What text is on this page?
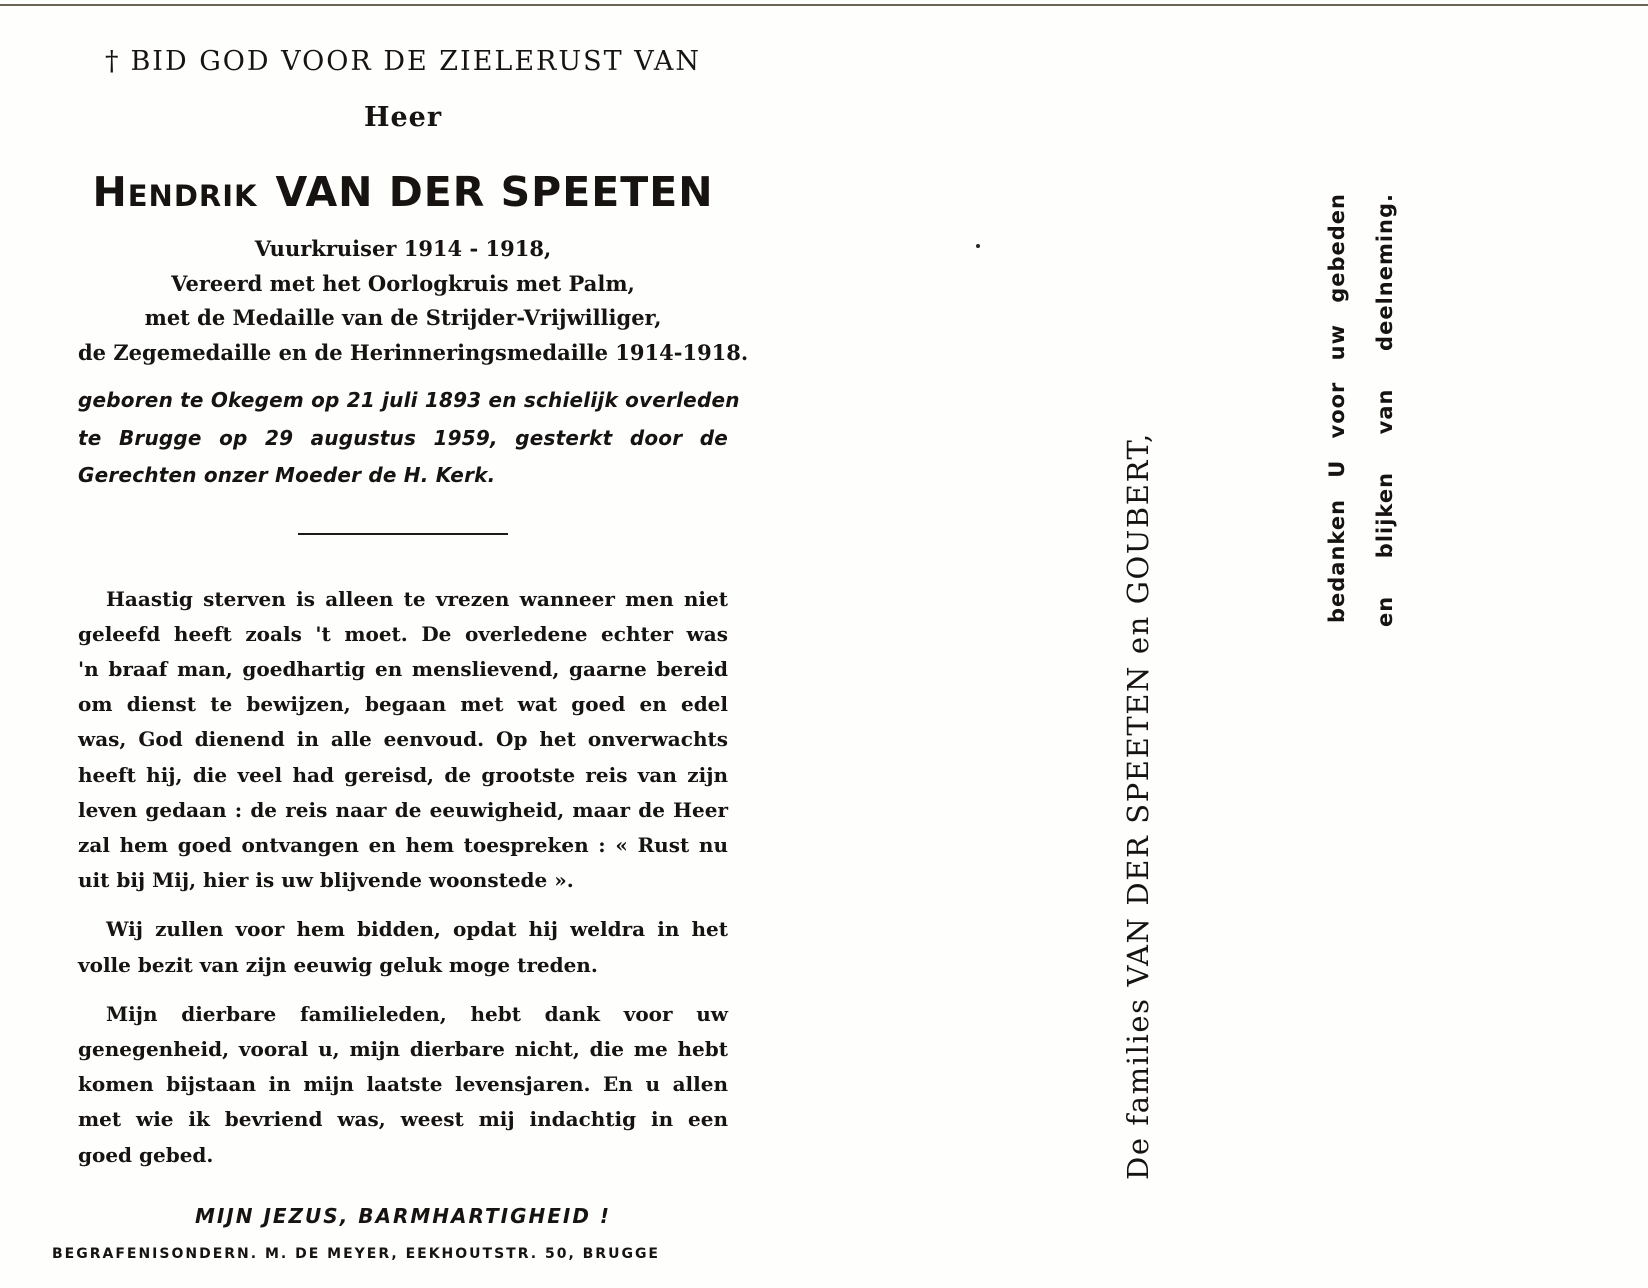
† BID GOD VOOR DE ZIELERUST VAN
Heer
Hendrik VAN DER SPEETEN
Vuurkruiser 1914 - 1918,
Vereerd met het Oorlogkruis met Palm,
met de Medaille van de Strijder-Vrijwilliger,
de Zegemedaille en de Herinneringsmedaille 1914-1918.
geboren te Okegem op 21 juli 1893 en schielijk overleden
te Brugge op 29 augustus 1959, gesterkt door de
Gerechten onzer Moeder de H. Kerk.
Haastig sterven is alleen te vrezen wanneer men niet
geleefd heeft zoals 't moet. De overledene echter was
'n braaf man, goedhartig en menslievend, gaarne bereid
om dienst te bewijzen, begaan met wat goed en edel
was, God dienend in alle eenvoud. Op het onverwachts
heeft hij, die veel had gereisd, de grootste reis van zijn
leven gedaan : de reis naar de eeuwigheid, maar de Heer
zal hem goed ontvangen en hem toespreken : « Rust nu
uit bij Mij, hier is uw blijvende woonstede ».
Wij zullen voor hem bidden, opdat hij weldra in het
volle bezit van zijn eeuwig geluk moge treden.
Mijn dierbare familieleden, hebt dank voor uw
genegenheid, vooral u, mijn dierbare nicht, die me hebt
komen bijstaan in mijn laatste levensjaren. En u allen
met wie ik bevriend was, weest mij indachtig in een
goed gebed.
MIJN JEZUS, BARMHARTIGHEID !
BEGRAFENISONDERN. M. DE MEYER, EEKHOUTSTR. 50, BRUGGE
De families VAN DER SPEETEN en GOUBERT,
bedanken U voor uw gebeden en blijken van deelneming.
